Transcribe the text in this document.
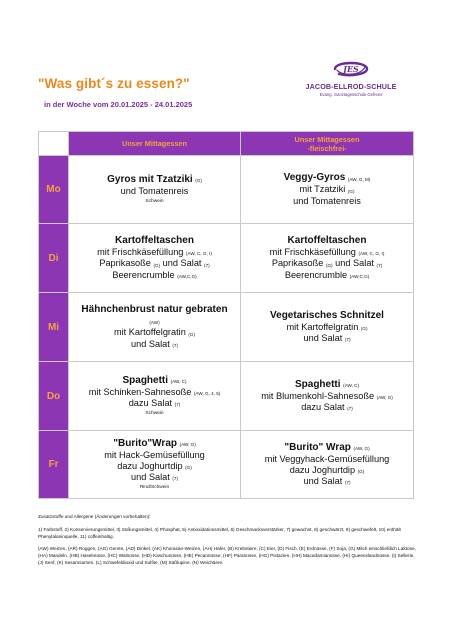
"Was gibt´s zu essen?"
in der Woche vom 20.01.2025 - 24.01.2025
JES
JACOB-ELLROD-SCHULE
Evang. Ganztagesschule Gefrees
	Unser Mittagessen	Unser Mittagessen
-fleischfrei-

Mo	Gyros mit Tzatziki (G)
und Tomatenreis
Schwein	Veggy-Gyros (AW, G, M)
mit Tzatziki (G)
und Tomatenreis

Di	Kartoffeltaschen
mit Frischkäsefüllung (AW, C, G, I)
Paprikasoße (G) und Salat (7)
Beerencrumble (AW,C,G)	Kartoffeltaschen
mit Frischkäsefüllung (AW, C, G, I)
Paprikasoße (G) und Salat (7)
Beerencrumble (AW,C,G)

Mi	Hähnchenbrust natur gebraten
(AW)
mit Kartoffelgratin (G)
und Salat (7)	Vegetarisches Schnitzel
mit Kartoffelgratin (G)
und Salat (7)

Do	Spaghetti (AW, C)
mit Schinken-Sahnesoße (AW, G, 4, 5)
dazu Salat (7)
Schwein	Spaghetti (AW, C)
mit Blumenkohl-Sahnesoße (AW, G)
dazu Salat (7)

Fr	"Burito"Wrap (AW, G)
mit Hack-Gemüsefüllung
dazu Joghurtdip (G)
und Salat (7)
Rind/Schwein	"Burito" Wrap (AW, G)
mit Veggyhack-Gemüsefüllung
dazu Joghurtdip (G)
und Salat (7)

Zusatzstoffe und Allergene (Änderungen vorbehalten):

1) Farbstoff, 2) Konservierungsmittel, 3) Süßungsmittel, 4) Phosphat, 5) Antioxidationsmittel, 6) Geschmacksverstärker, 7) gewachst, 8) geschwärzt, 9) geschwefelt, 10) enthält Phenylalaninquelle, 11) coffeinhaltig.

(AW) Weizen, (AR) Roggen, (AG) Gerste, (AD) Dinkel, (AK) Khorasan-Weizen, (AH) Hafer, (B) Krebstiere, (C) Eier, (D) Fisch, (E) Erdnüsse, (F) Soja, (G) Milch einschließlich Laktose, (HA) Mandeln, (HB) Haselnüsse, (HC) Walnüsse, (HD) Kaschunüsse, (HE) Pecannüsse, (HF) Paranüsse, (HG) Pistazien, (HH) Macadamianüsse, (HI) Queenslandnüsse, (I) Sellerie, (J) Senf, (K) Sesamsamen, (L) Schwefeldioxid und Sulfite, (M) Süßlupine, (N) Weichtiere.
